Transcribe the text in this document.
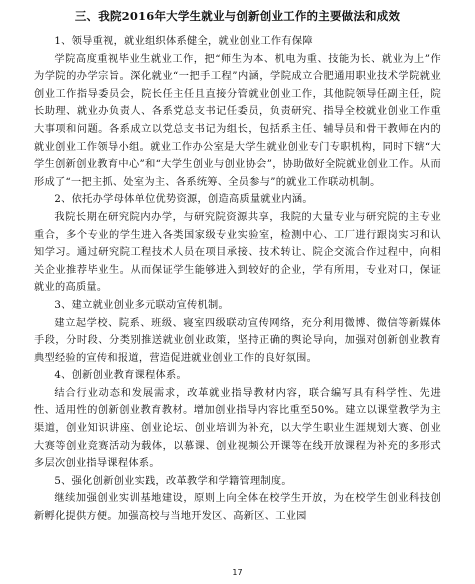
三、我院2016年大学生就业与创新创业工作的主要做法和成效

1、领导重视，就业组织体系健全，就业创业工作有保障

学院高度重视毕业生就业工作，把“师生为本、机电为重、技能为长、就业为上”作为学院的办学宗旨。深化就业“一把手工程”内涵，学院成立合肥通用职业技术学院就业创业工作指导委员会，院长任主任且直接分管就业创业工作，其他院领导任副主任，院长助理、就业办负责人、各系党总支书记任委员，负责研究、指导全校就业创业工作重大事项和问题。各系成立以党总支书记为组长，包括系主任、辅导员和骨干教师在内的就业创业工作领导小组。就业工作办公室是大学生就业创业专门专职机构，同时下辖“大学生创新创业教育中心”和“大学生创业与创业协会”，协助做好全院就业创业工作。从而形成了“一把主抓、处室为主、各系统筹、全员参与”的就业工作联动机制。

2、依托办学母体单位优势资源，创造高质量就业内涵。

我院长期在研究院内办学，与研究院资源共享，我院的大量专业与研究院的主专业重合，多个专业的学生进入各类国家级专业实验室，检测中心、工厂进行跟岗实习和认知学习。通过研究院工程技术人员在项目承接、技术转让、院企交流合作过程中，向相关企业推荐毕业生。从而保证学生能够进入到较好的企业，学有所用，专业对口，保证就业的高质量。

3、建立就业创业多元联动宣传机制。

建立起学校、院系、班级、寝室四级联动宣传网络，充分利用微博、微信等新媒体手段，分时段、分类别推送就业创业政策，坚持正确的舆论导向，加强对创新创业教育典型经验的宣传和报道，营造促进就业创业工作的良好氛围。

4、创新创业教育课程体系。

结合行业动态和发展需求，改革就业指导教材内容，联合编写具有科学性、先进性、适用性的创新创业教育教材。增加创业指导内容比重至50%。建立以课堂教学为主渠道，创业知识讲座、创业论坛、创业培训为补充，以大学生职业生涯规划大赛、创业大赛等创业竞赛活动为载体，以慕课、创业视频公开课等在线开放课程为补充的多形式多层次创业指导课程体系。

5、强化创新创业实践，改革教学和学籍管理制度。

继续加强创业实训基地建设，原则上向全体在校学生开放，为在校学生创业科技创新孵化提供方便。加强高校与当地开发区、高新区、工业园

17
